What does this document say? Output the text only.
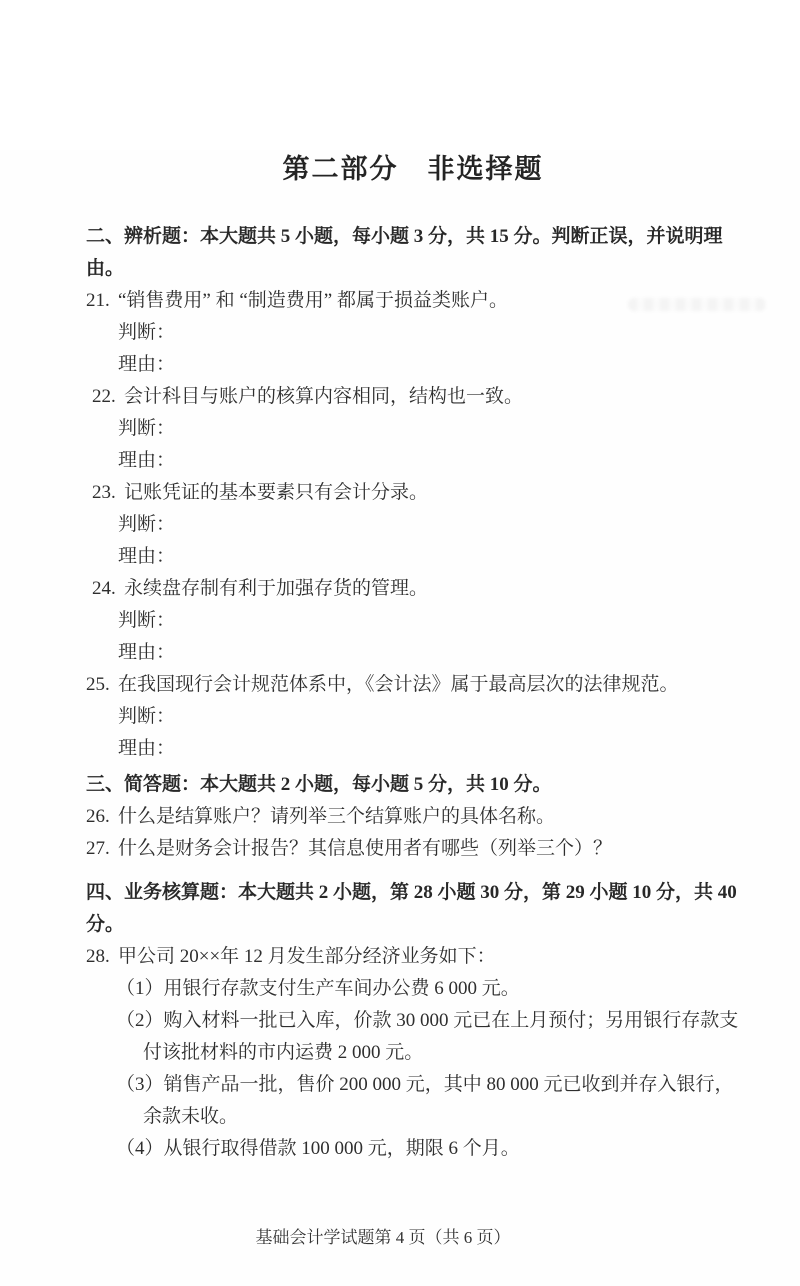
第二部分　非选择题

二、辨析题：本大题共 5 小题，每小题 3 分，共 15 分。判断正误，并说明理由。

21. “销售费用” 和 “制造费用” 都属于损益类账户。

判断：

理由：

22. 会计科目与账户的核算内容相同，结构也一致。

判断：

理由：

23. 记账凭证的基本要素只有会计分录。

判断：

理由：

24. 永续盘存制有利于加强存货的管理。

判断：

理由：

25. 在我国现行会计规范体系中，《会计法》属于最高层次的法律规范。

判断：

理由：

三、简答题：本大题共 2 小题，每小题 5 分，共 10 分。

26. 什么是结算账户？请列举三个结算账户的具体名称。

27. 什么是财务会计报告？其信息使用者有哪些（列举三个）？

四、业务核算题：本大题共 2 小题，第 28 小题 30 分，第 29 小题 10 分，共 40 分。

28. 甲公司 20××年 12 月发生部分经济业务如下：

（1）用银行存款支付生产车间办公费 6 000 元。

（2）购入材料一批已入库，价款 30 000 元已在上月预付；另用银行存款支付该批材料的市内运费 2 000 元。

（3）销售产品一批，售价 200 000 元，其中 80 000 元已收到并存入银行，余款未收。

（4）从银行取得借款 100 000 元，期限 6 个月。

基础会计学试题第 4 页（共 6 页）
